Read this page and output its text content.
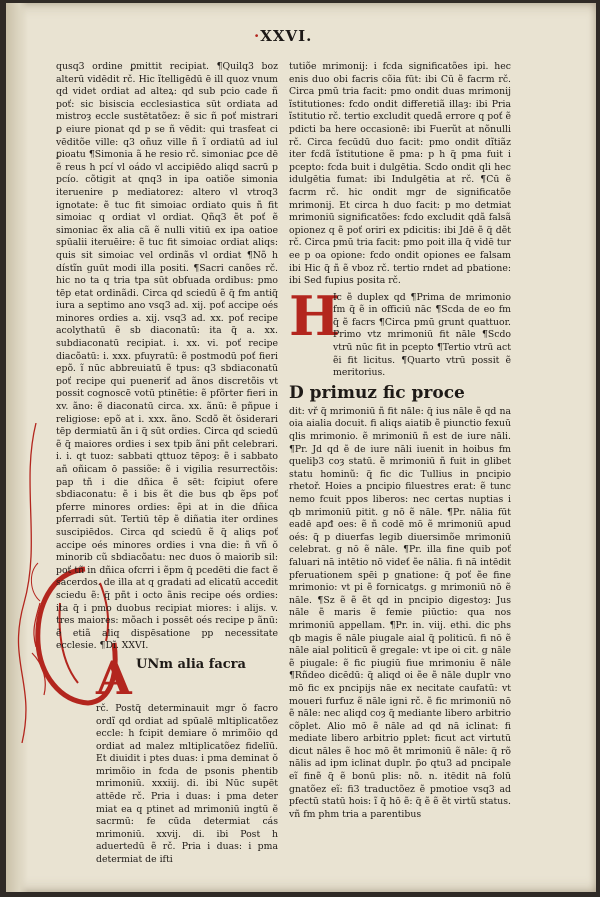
·XXVI.

qusq3 ordine ꝑmittit recipiat. ¶Quilq3 boz alterū vidēdit rč. Hic ĩtelligēdū ē ill quoz vnum qd videt ordiat ad alteꝝ: qd sub pcio cade ñ poť: sic bisiscia ecclesiastica sūt ordiata ad mistroȝ eccle sustētatõez: ẽ sic ñ poť mistrari ꝑ eiure pionat qd p se ñ vēdit: qui trasfeat ci vēditõe ville: q3 oñuz ville ñ ĩ ordiatū ad iul ꝑioatu ¶Simonia ã he resio rč. simoniac ꝑce dē ẽ reus h pcí vl oádo vl accipiēdo aliqd sacrū p pcío. cõtigit at qnq3 in ipa oatiõe simonia iteruenire p mediatorez: altero vl vtroq3 ignotate: ẽ tuc fit simoiac ordiato quis ñ fit simoiac q ordiat vl ordiat. Qñq3 ẽt poť ẽ simoniac ẽx alia cã ẽ nulli vitiū ex ipa oatioe spūalii iteruēire: ẽ tuc fit simoiac ordiat aliqs: quis sit simoiac vel ordinãs vl ordiat ¶Nõ h dístĩn guūt modi illa positi. ¶Sacri canões rč. hic no ta q tria tpa sūt obfuada ordibus: pmo tēp etat ordinãdi. Circa qd sciedū ẽ q̃ fm antiq̃ iura a septimo ano vsq3 ad. xij. poť accipe oés minores ordies a. xij. vsq3 ad. xx. poť recipe acolythatū ẽ sb diaconatū: ita q̃ a. xx. subdiaconatū recipiat. i. xx. vi. poť recipe diacõatū: i. xxx. pfuyratū: ẽ postmodū poť fieri epõ. ĩ nūc abbreuiatū ẽ tpus: q3 sbdiaconatū poť recipe qui pueneriť ad ãnos discretõis vt possit cognoscē votū ptinētie: ẽ pfõrter fieri in xv. ãno: ẽ diaconatū circa. xx. ãnū: ẽ pñpue i religiose: epõ at i. xxx. ãno. Scdõ ẽt ŏsiderari tēp dermiatū ãn i q̃ sūt ordies. Circa qd sciedū ẽ q̃ maiores ordies i sex tpib ãni pñt celebrari. i. i. qt tuoz: sabbati qttuoz tēpoȝ: ẽ i sabbato añ oñicam ō passiõe: ẽ i vigilia resurrectõis: pap tñ i die dñica ẽ sēt: fcipiut ofere sbdiaconatu: ẽ i bis ẽt die bus qb ẽps poť pferre minores ordies: ẽpi at in die dñica pferradi sūt. Tertiū tēp ẽ diñatia iter ordines suscipiēdos. Circa qd sciedū ẽ q̃ aliqs poť accipe oés minores ordies i vna die: ñ vñ ŏ minorib cũ sbdiacõatu: nec duos ŏ maiorib sil: poť tñ in dñica ofcrri i ẽpm q̃ pcedēti die fact ẽ sacerdos. de illa at q gradati ad elicatū accedit sciedu ẽ: q̃ pñt i octo ãnis recipe oés ordies: ita q̃ i pmo duobus recipiat miores: i alijs. v. tres maiores: mõach i possēt oés recipe p ãnū: ẽ etiã aliq dispēsatione pp necessitate ecclesie. ¶Dĩ. XXVI.

A UNm alia facra

rč. Postq̃ determinauit mgr ŏ facro ordĩ qd ordiat ad spūalē mltiplicatõez eccle: h fcipit demiare ŏ mrimõio qd ordiat ad malez mltiplicatõez fidelīū. Et diuidit i ptes duas: i pma deminat ŏ mrimõio in fcda de psonis phentib mrimoniū. xxxiij. di. ibi Nūc supēt attēde rč. Pria i duas: i pma deter miat ea q ptinet ad mrimoniū ingtū ẽ sacrmū: fe cūda determiat cás mrimoniū. xxvij. di. ibi Post h aduertedū ẽ rč. Pria i duas: i pma determiat de ifti

tutiõe mrimonij: i fcda significatões ipi. hec enis duo obi facris cõia fūt: ibi Cū ẽ facrm rč. Circa pmū tria facit: pmo ondit duas mrimonij ĩstitutiones: fcdo ondit differetiã illaȝ: ibi Pria ĩstitutio rč. tertio excludit quedã errore q poť ẽ pdicti ba here occasionē: ibi Fuerũt at nõnulli rč. Circa fecūdū duo facit: pmo ondit dĩtiãz iter fcdã ĩstitutione ẽ pma: p h q̃ pma fuit i pcepto: fcda buit i dulgētia. Scdo ondit qli hec idulgētia fumat: ibi Indulgētia at rč. ¶Cū ẽ facrm rč. hic ondit mgr de significatõe mrimonij. Et circa h duo facit: p mo detmiat mrimoniū significatões: fcdo excludit qdã falsã opionez q ẽ poť oriri ex pdicitis: ibi Jdē ẽ q̃ dẽt rč. Circa pmū tria facit: pmo poit illa q̃ vidē tur ee p oa opione: fcdo ondit opiones ee falsam ibi Hic q̃ ñ ẽ vboz rč. tertio rndet ad pbatione: ibi Sed fupius posita rč.

H
Ic ẽ duplex qd ¶Prima de mrimonio fm q̃ ẽ in officiū nāc ¶Scda de eo fm q̃ ẽ facrs ¶Circa pmū grunt quattuor. Primo vtz mrimoniū fit nāle ¶Scdo vtrū nūc fit in pcepto ¶Tertio vtrū act ẽi fit licitus. ¶Quarto vtrū possit ẽ meritorius.
D primuz fic proce

dit: vř q̃ mrimoniū ñ fit nāle: q̃ ius nāle ẽ qd na oia aialia docuit. fi aliqs aiatib ẽ piunctio fexuū qlis mrimonio. ẽ mrimoniū ñ est de iure nāli. ¶Pr. Jd qd ẽ de iure nāli iuenit in hoibus fm queliþ3 coȝ statū. ẽ mrimoniū ñ fuit in glibet statu hominũ: q̃ fic dic Tullius in pncipio rhetoř. Hoies a pncipio filuestres erat: ẽ tunc nemo fcuit ppos liberos: nec certas nuptias i qb mrimoniū pitit. g nō ẽ nāle. ¶Pr. nālia fūt eadē apđ oes: ẽ ñ codē mō ẽ mrimoniū apud oés: q̃ p diuerfas legib diuersimõe mrimoniū celebrat. g nō ẽ nāle. ¶Pr. illa fine quib poť faluari nā intētio nō videť ẽe nālia. fi nā intēdit pferuationem spēi p gnatione: q̃ poť ẽe fine mrimonio: vt pi ẽ fornicatgs. g mrimoniū nō ẽ nāle. ¶Sz ẽ ẽ ẽt qd in pncipio digestoȝ: Jus nāle ẽ maris ẽ femie piūctio: qua nos mrimoniū appellam. ¶Pr. in. viij. ethi. dic phs qb magis ẽ nāle piugale aial q̃ politicū. fi nō ẽ nāle aial politicū ẽ gregale: vt ipe oi cit. g nāle ẽ piugale: ẽ fic piugiū fiue mrimoniu ẽ nāle ¶Rñdeo dicēdū: q̃ aliqd oi ẽe ẽ nāle duplr vno mō fic ex pncipijs nāe ex necitate caufatū: vt moueri furfuz ẽ nāle igni rč. ẽ fic mrimoniū nō ẽ nāle: nec aliqd coȝ q̃ mediante libero arbitrio cõplet. Alio mō ẽ nāle ad qd nā iclinat: fi mediate libero arbitrio pplet: ficut act virtutū dicut nāles ẽ hoc mō ẽt mrimoniū ẽ nāle: q̃ rõ nālis ad ipm iclinat duplr. p̃o qtu3 ad pncipale eĩ finẽ q̃ ẽ bonū plis: nõ. n. itēdit nā folū gnatõez eĩ: fi3 traductõez ẽ pmotioe vsq3 ad pfectū statū hois: ĩ q̃ hō ẽ: q̃ ẽ ẽ ẽt virtũ status. vñ fm phm tria a parentibus
